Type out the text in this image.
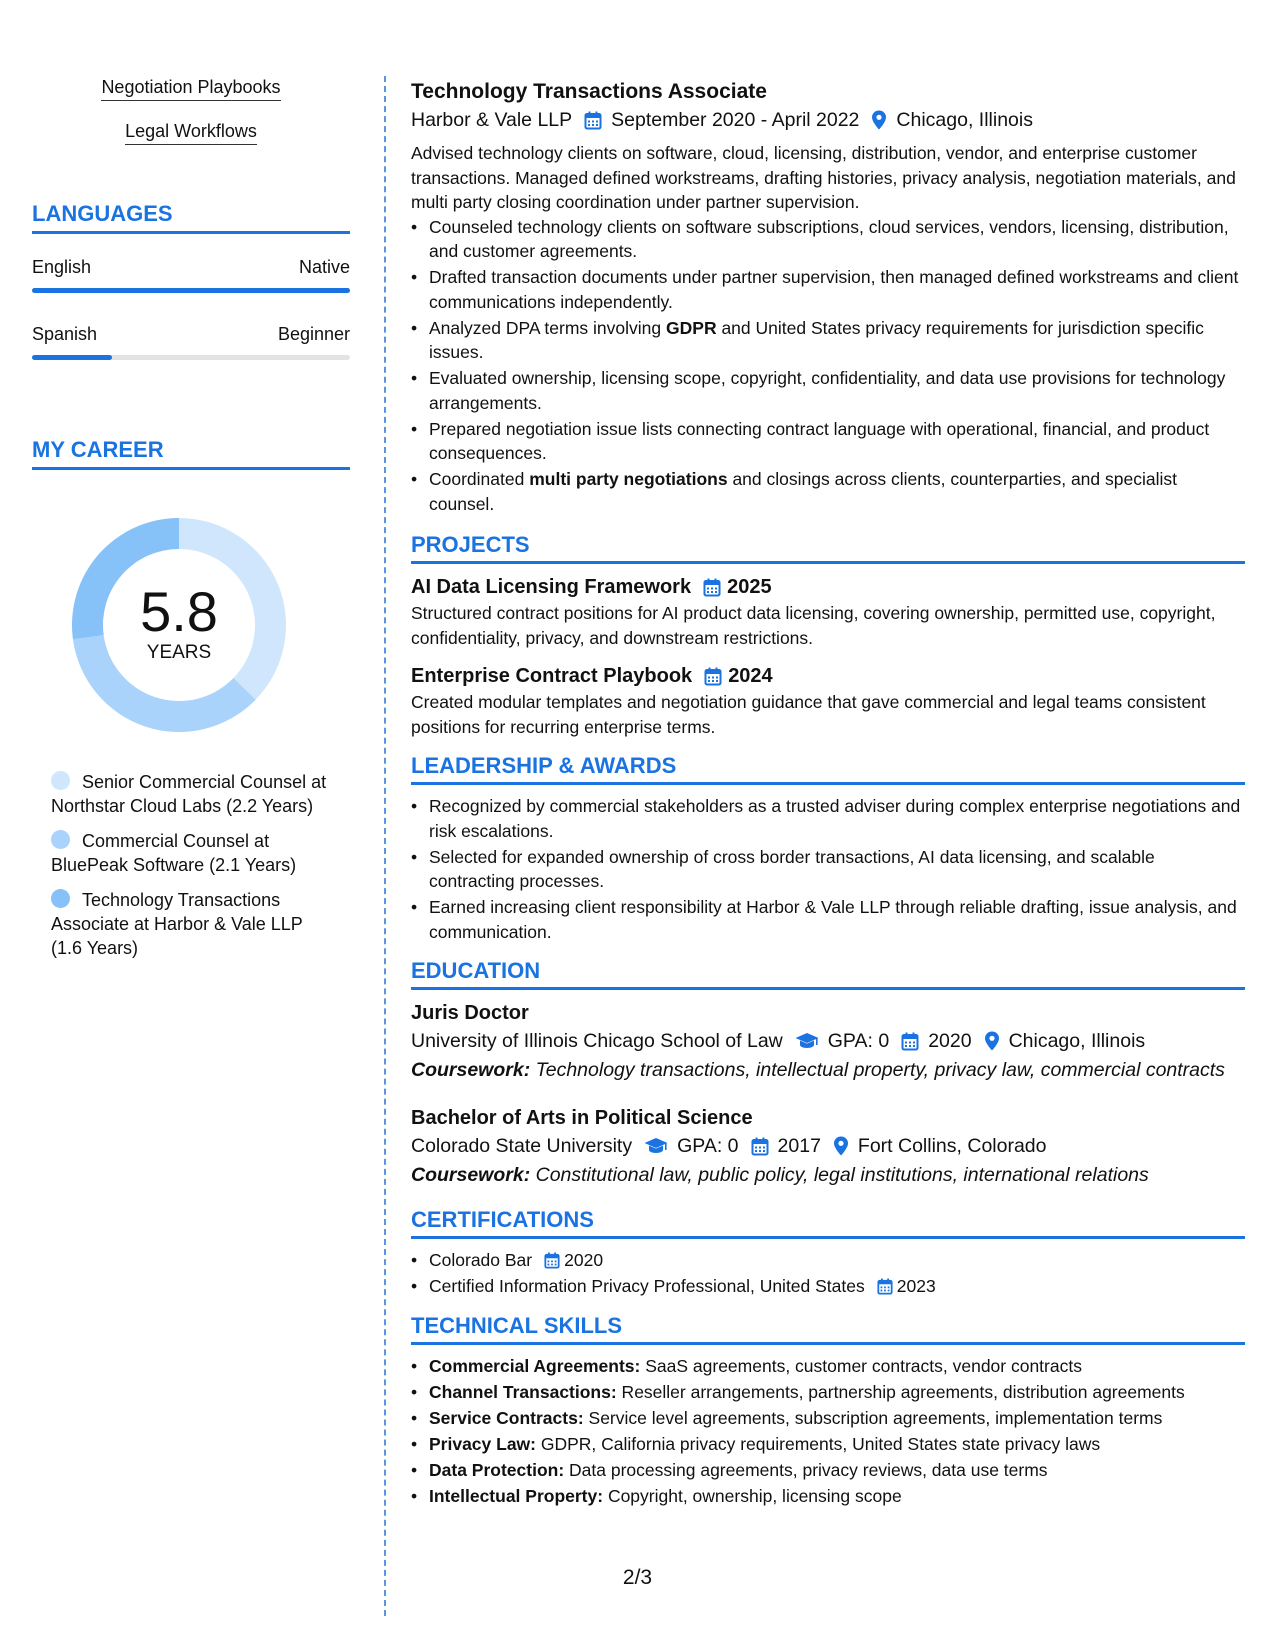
Negotiation Playbooks
Legal Workflows
LANGUAGES
English	Native
Spanish	Beginner
MY CAREER
5.8
YEARS
Senior Commercial Counsel at Northstar Cloud Labs (2.2 Years)
Commercial Counsel at BluePeak Software (2.1 Years)
Technology Transactions Associate at Harbor & Vale LLP (1.6 Years)
Technology Transactions Associate
Harbor & Vale LLP September 2020 - April 2022 Chicago, Illinois
Advised technology clients on software, cloud, licensing, distribution, vendor, and enterprise customer transactions. Managed defined workstreams, drafting histories, privacy analysis, negotiation materials, and multi party closing coordination under partner supervision.
• Counseled technology clients on software subscriptions, cloud services, vendors, licensing, distribution, and customer agreements.
• Drafted transaction documents under partner supervision, then managed defined workstreams and client communications independently.
• Analyzed DPA terms involving GDPR and United States privacy requirements for jurisdiction specific issues.
• Evaluated ownership, licensing scope, copyright, confidentiality, and data use provisions for technology arrangements.
• Prepared negotiation issue lists connecting contract language with operational, financial, and product consequences.
• Coordinated multi party negotiations and closings across clients, counterparties, and specialist counsel.
PROJECTS
AI Data Licensing Framework 2025
Structured contract positions for AI product data licensing, covering ownership, permitted use, copyright, confidentiality, privacy, and downstream restrictions.
Enterprise Contract Playbook 2024
Created modular templates and negotiation guidance that gave commercial and legal teams consistent positions for recurring enterprise terms.
LEADERSHIP & AWARDS
• Recognized by commercial stakeholders as a trusted adviser during complex enterprise negotiations and risk escalations.
• Selected for expanded ownership of cross border transactions, AI data licensing, and scalable contracting processes.
• Earned increasing client responsibility at Harbor & Vale LLP through reliable drafting, issue analysis, and communication.
EDUCATION
Juris Doctor
University of Illinois Chicago School of Law GPA: 0 2020 Chicago, Illinois
Coursework: Technology transactions, intellectual property, privacy law, commercial contracts
Bachelor of Arts in Political Science
Colorado State University GPA: 0 2017 Fort Collins, Colorado
Coursework: Constitutional law, public policy, legal institutions, international relations
CERTIFICATIONS
• Colorado Bar 2020
• Certified Information Privacy Professional, United States 2023
TECHNICAL SKILLS
• Commercial Agreements: SaaS agreements, customer contracts, vendor contracts
• Channel Transactions: Reseller arrangements, partnership agreements, distribution agreements
• Service Contracts: Service level agreements, subscription agreements, implementation terms
• Privacy Law: GDPR, California privacy requirements, United States state privacy laws
• Data Protection: Data processing agreements, privacy reviews, data use terms
• Intellectual Property: Copyright, ownership, licensing scope
2/3
